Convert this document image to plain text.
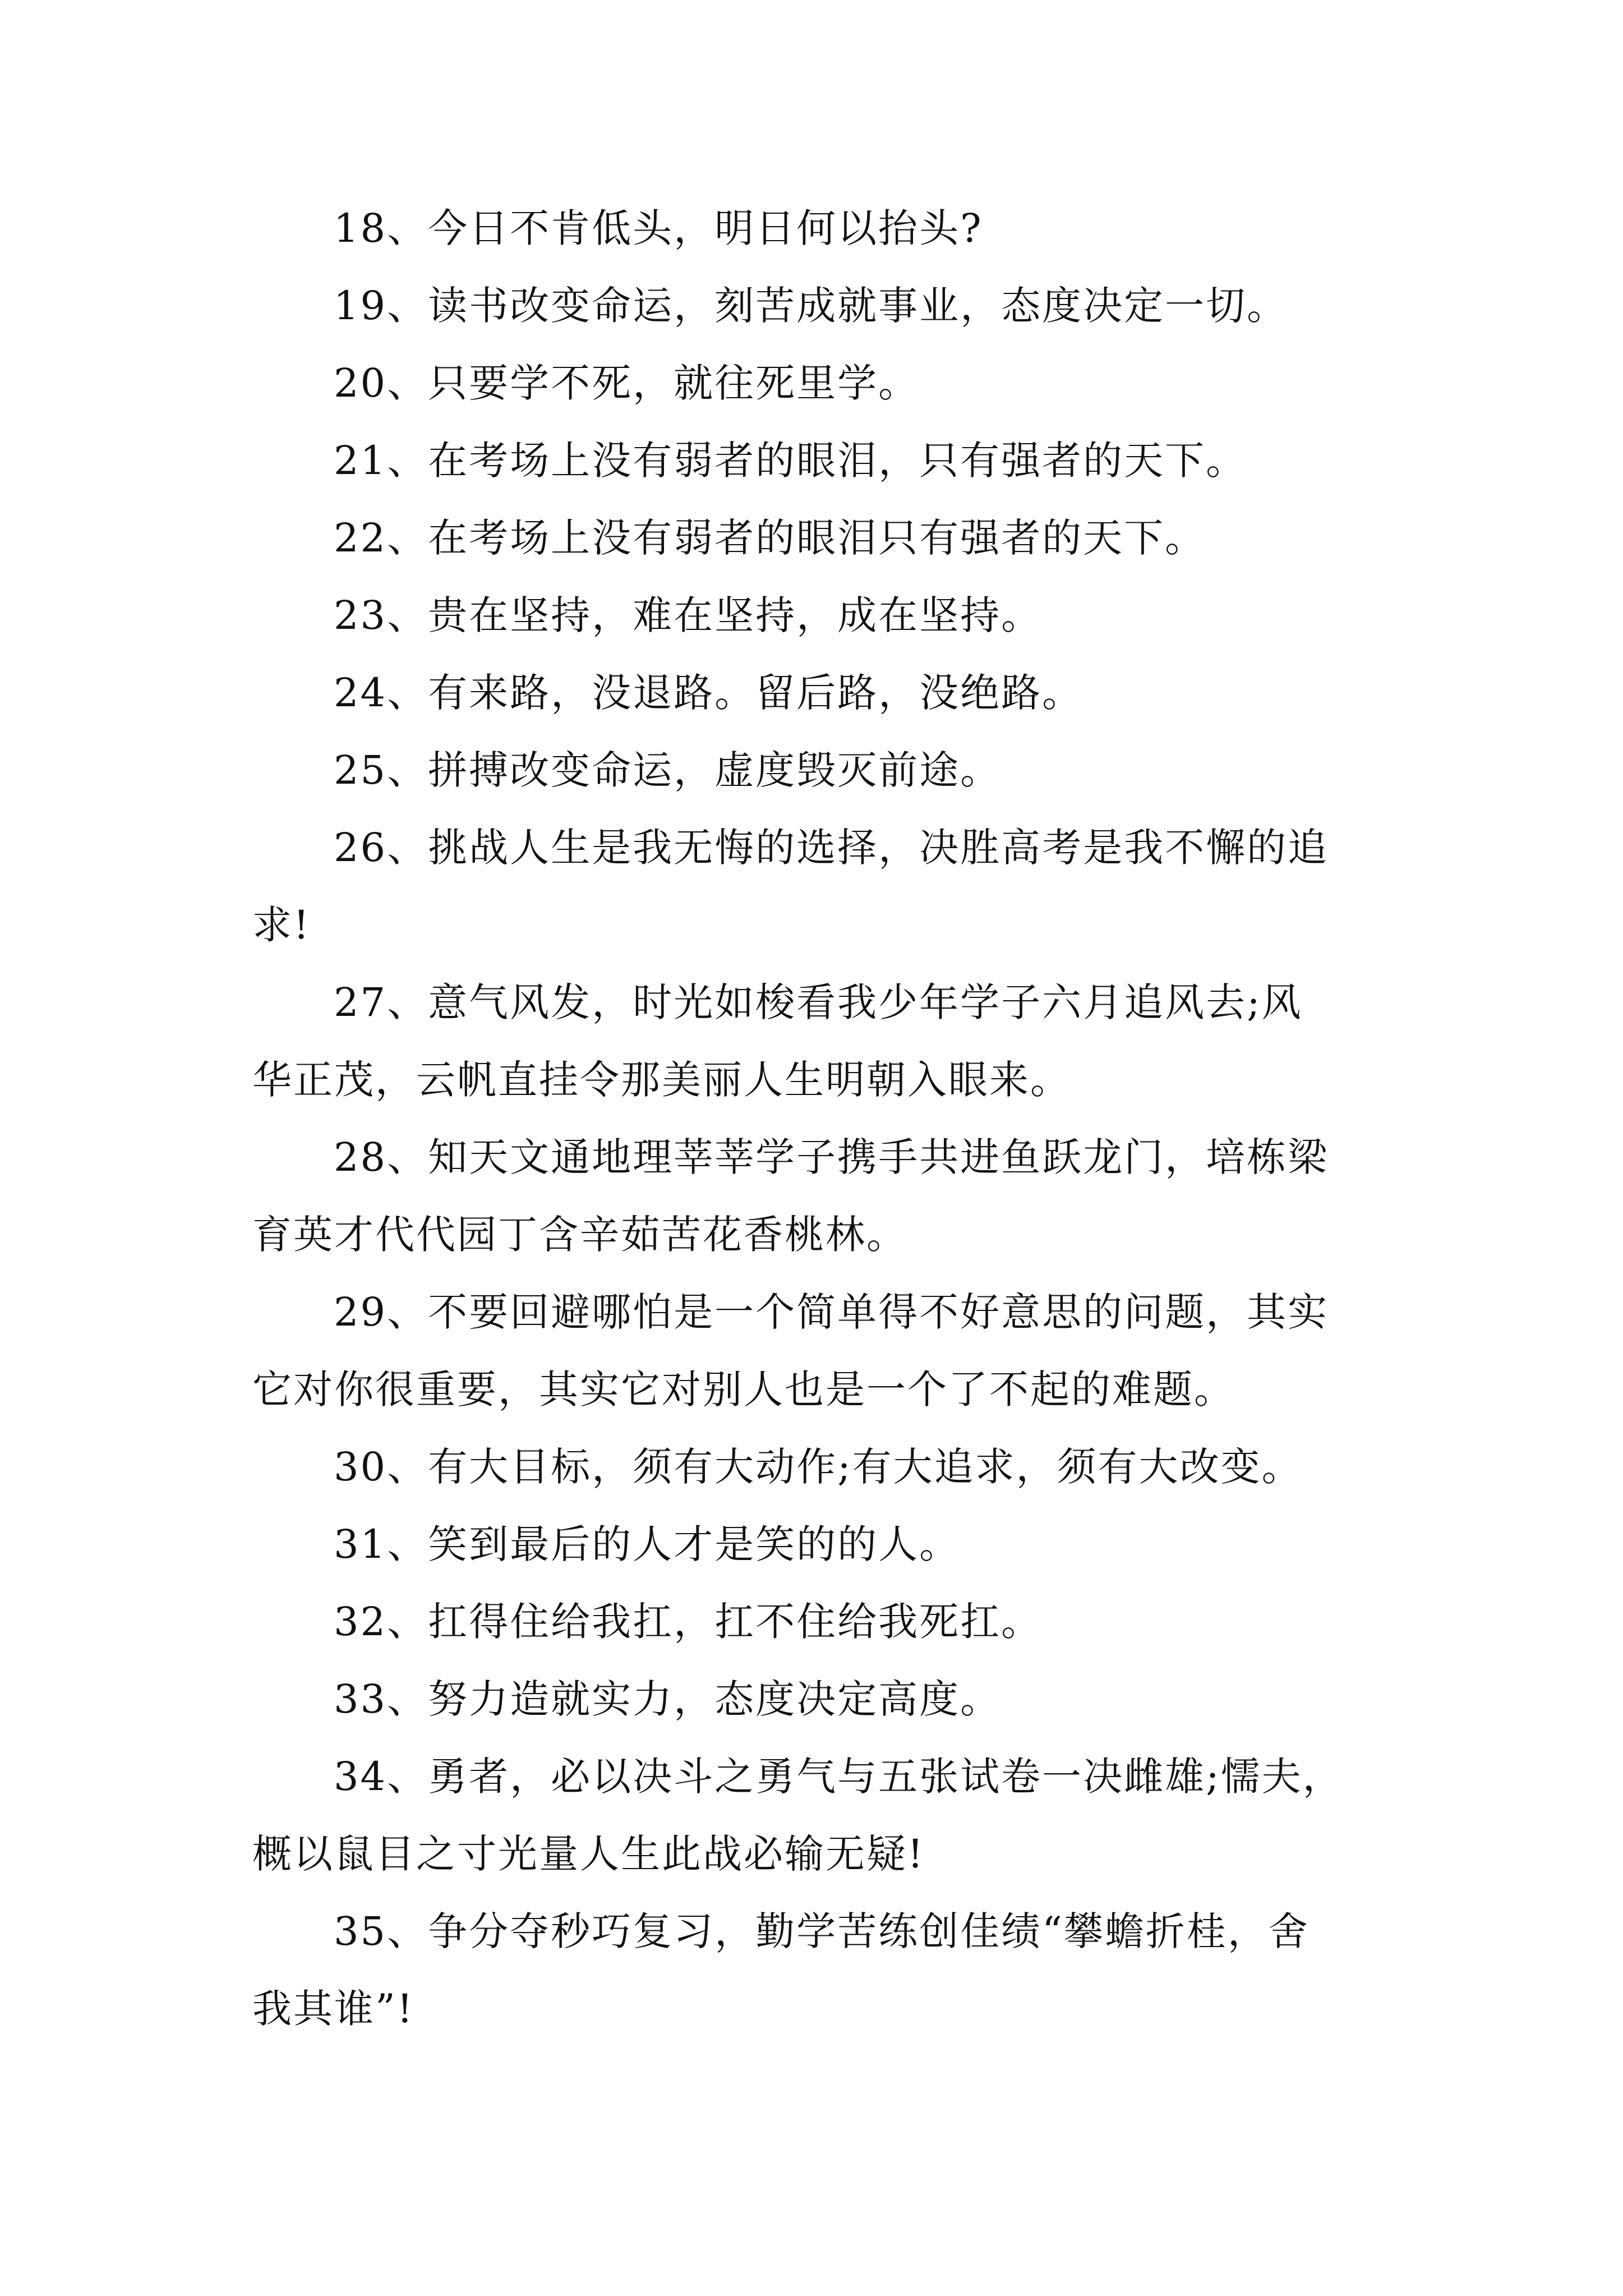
18、今日不肯低头，明日何以抬头?

19、读书改变命运，刻苦成就事业，态度决定一切。

20、只要学不死，就往死里学。

21、在考场上没有弱者的眼泪，只有强者的天下。

22、在考场上没有弱者的眼泪只有强者的天下。

23、贵在坚持，难在坚持，成在坚持。

24、有来路，没退路。留后路，没绝路。

25、拼搏改变命运，虚度毁灭前途。

26、挑战人生是我无悔的选择，决胜高考是我不懈的追
求!

27、意气风发，时光如梭看我少年学子六月追风去;风
华正茂，云帆直挂令那美丽人生明朝入眼来。

28、知天文通地理莘莘学子携手共进鱼跃龙门，培栋梁
育英才代代园丁含辛茹苦花香桃林。

29、不要回避哪怕是一个简单得不好意思的问题，其实
它对你很重要，其实它对别人也是一个了不起的难题。

30、有大目标，须有大动作;有大追求，须有大改变。

31、笑到最后的人才是笑的的人。

32、扛得住给我扛，扛不住给我死扛。

33、努力造就实力，态度决定高度。

34、勇者，必以决斗之勇气与五张试卷一决雌雄;懦夫，
概以鼠目之寸光量人生此战必输无疑!

35、争分夺秒巧复习，勤学苦练创佳绩“攀蟾折桂，舍
我其谁”!
